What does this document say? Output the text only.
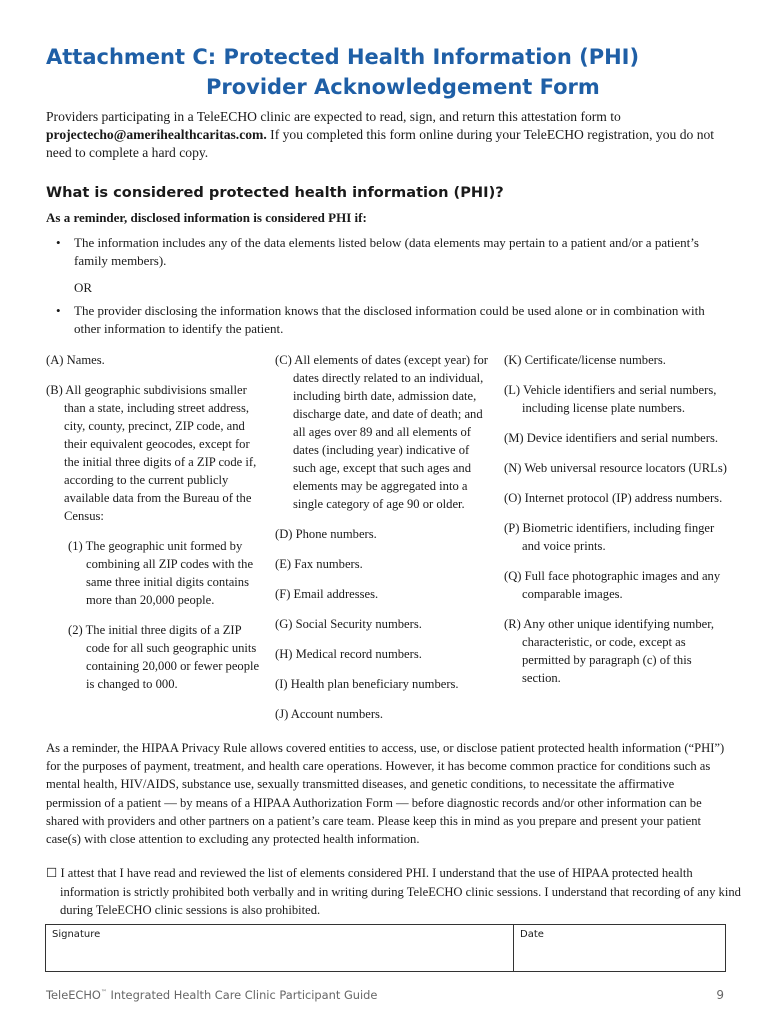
Attachment C: Protected Health Information (PHI)
Provider Acknowledgement Form

Providers participating in a TeleECHO clinic are expected to read, sign, and return this attestation form to projectecho@amerihealthcaritas.com. If you completed this form online during your TeleECHO registration, you do not need to complete a hard copy.

What is considered protected health information (PHI)?

As a reminder, disclosed information is considered PHI if:

• The information includes any of the data elements listed below (data elements may pertain to a patient and/or a patient’s family members).

OR

• The provider disclosing the information knows that the disclosed information could be used alone or in combination with other information to identify the patient.

(A) Names.

(B) All geographic subdivisions smaller than a state, including street address, city, county, precinct, ZIP code, and their equivalent geocodes, except for the initial three digits of a ZIP code if, according to the current publicly available data from the Bureau of the Census:

(1) The geographic unit formed by combining all ZIP codes with the same three initial digits contains more than 20,000 people.

(2) The initial three digits of a ZIP code for all such geographic units containing 20,000 or fewer people is changed to 000.

(C) All elements of dates (except year) for dates directly related to an individual, including birth date, admission date, discharge date, and date of death; and all ages over 89 and all elements of dates (including year) indicative of such age, except that such ages and elements may be aggregated into a single category of age 90 or older.

(D) Phone numbers.

(E) Fax numbers.

(F) Email addresses.

(G) Social Security numbers.

(H) Medical record numbers.

(I) Health plan beneficiary numbers.

(J) Account numbers.

(K) Certificate/license numbers.

(L) Vehicle identifiers and serial numbers, including license plate numbers.

(M) Device identifiers and serial numbers.

(N) Web universal resource locators (URLs)

(O) Internet protocol (IP) address numbers.

(P) Biometric identifiers, including finger and voice prints.

(Q) Full face photographic images and any comparable images.

(R) Any other unique identifying number, characteristic, or code, except as permitted by paragraph (c) of this section.

As a reminder, the HIPAA Privacy Rule allows covered entities to access, use, or disclose patient protected health information (“PHI”) for the purposes of payment, treatment, and health care operations. However, it has become common practice for conditions such as mental health, HIV/AIDS, substance use, sexually transmitted diseases, and genetic conditions, to necessitate the affirmative permission of a patient — by means of a HIPAA Authorization Form — before diagnostic records and/or other information can be shared with providers and other partners on a patient’s care team. Please keep this in mind as you prepare and present your patient case(s) with close attention to excluding any protected health information.

☐ I attest that I have read and reviewed the list of elements considered PHI. I understand that the use of HIPAA protected health information is strictly prohibited both verbally and in writing during TeleECHO clinic sessions. I understand that recording of any kind during TeleECHO clinic sessions is also prohibited.

Signature	Date

TeleECHO™ Integrated Health Care Clinic Participant Guide	9
